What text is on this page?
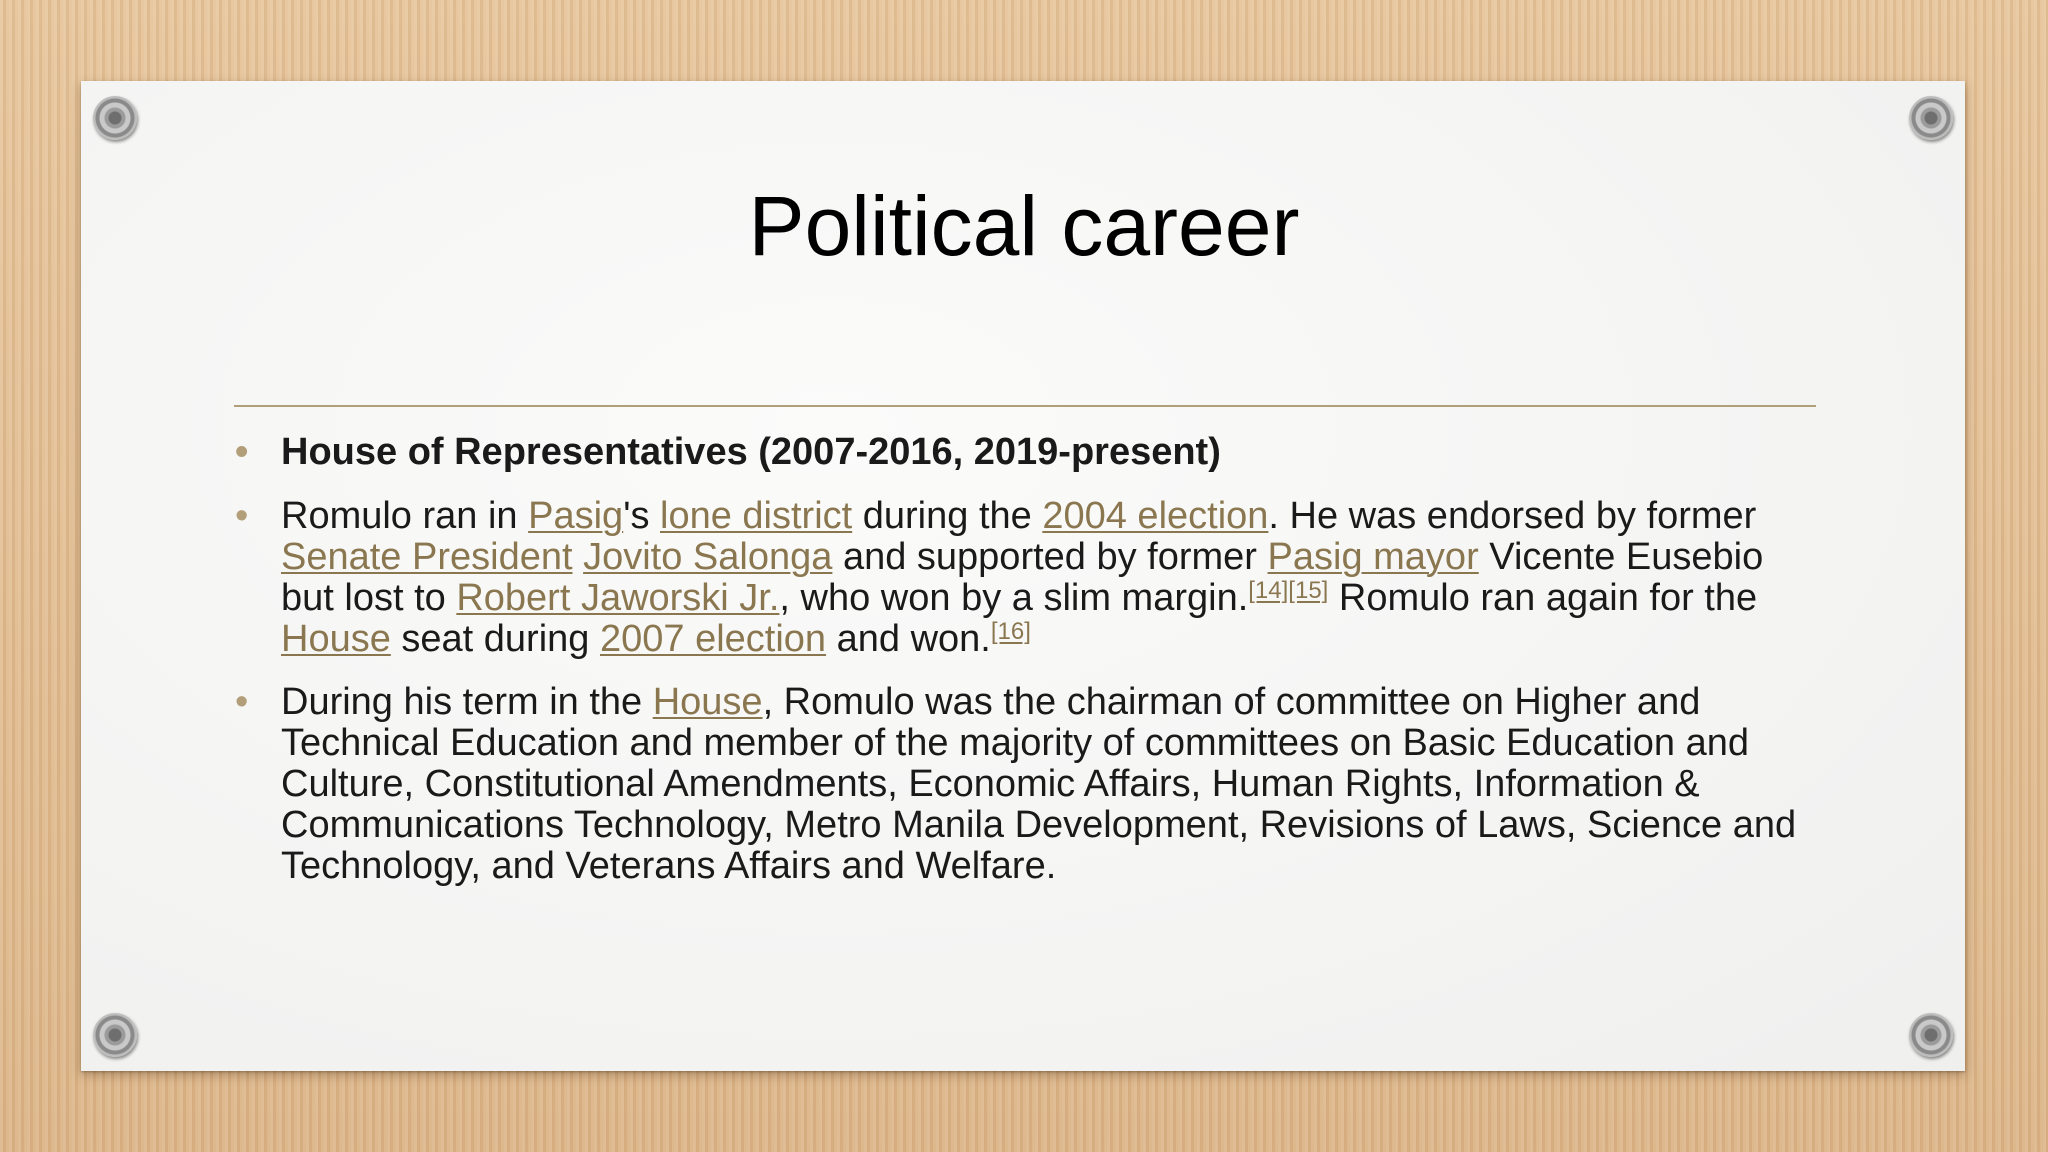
Political career

• House of Representatives (2007-2016, 2019-present)

• Romulo ran in Pasig's lone district during the 2004 election. He was endorsed by former Senate President Jovito Salonga and supported by former Pasig mayor Vicente Eusebio but lost to Robert Jaworski Jr., who won by a slim margin.[14][15] Romulo ran again for the House seat during 2007 election and won.[16]

• During his term in the House, Romulo was the chairman of committee on Higher and Technical Education and member of the majority of committees on Basic Education and Culture, Constitutional Amendments, Economic Affairs, Human Rights, Information & Communications Technology, Metro Manila Development, Revisions of Laws, Science and Technology, and Veterans Affairs and Welfare.
